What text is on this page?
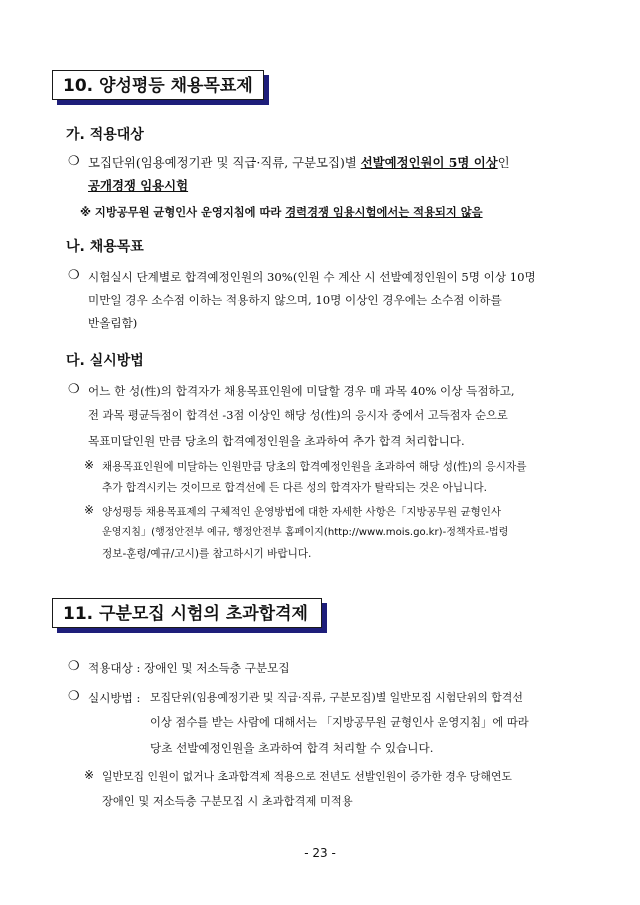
10. 양성평등 채용목표제
가. 적용대상
❍ 모집단위(임용예정기관 및 직급·직류, 구분모집)별 선발예정인원이 5명 이상인
공개경쟁 임용시험
※ 지방공무원 균형인사 운영지침에 따라 경력경쟁 임용시험에서는 적용되지 않음
나. 채용목표
❍ 시험실시 단계별로 합격예정인원의 30%(인원 수 계산 시 선발예정인원이 5명 이상 10명
미만일 경우 소수점 이하는 적용하지 않으며, 10명 이상인 경우에는 소수점 이하를
반올림함)
다. 실시방법
❍ 어느 한 성(性)의 합격자가 채용목표인원에 미달할 경우 매 과목 40% 이상 득점하고,
전 과목 평균득점이 합격선 -3점 이상인 해당 성(性)의 응시자 중에서 고득점자 순으로
목표미달인원 만큼 당초의 합격예정인원을 초과하여 추가 합격 처리합니다.
※ 채용목표인원에 미달하는 인원만큼 당초의 합격예정인원을 초과하여 해당 성(性)의 응시자를
추가 합격시키는 것이므로 합격선에 든 다른 성의 합격자가 탈락되는 것은 아닙니다.
※ 양성평등 채용목표제의 구체적인 운영방법에 대한 자세한 사항은「지방공무원 균형인사
운영지침」(행정안전부 예규, 행정안전부 홈페이지(http://www.mois.go.kr)-정책자료-법령
정보-훈령/예규/고시)를 참고하시기 바랍니다.
11. 구분모집 시험의 초과합격제
❍ 적용대상 : 장애인 및 저소득층 구분모집
❍ 실시방법 : 모집단위(임용예정기관 및 직급·직류, 구분모집)별 일반모집 시험단위의 합격선
이상 점수를 받는 사람에 대해서는 「지방공무원 균형인사 운영지침」에 따라
당초 선발예정인원을 초과하여 합격 처리할 수 있습니다.
※ 일반모집 인원이 없거나 초과합격제 적용으로 전년도 선발인원이 증가한 경우 당해연도
장애인 및 저소득층 구분모집 시 초과합격제 미적용
- 23 -
